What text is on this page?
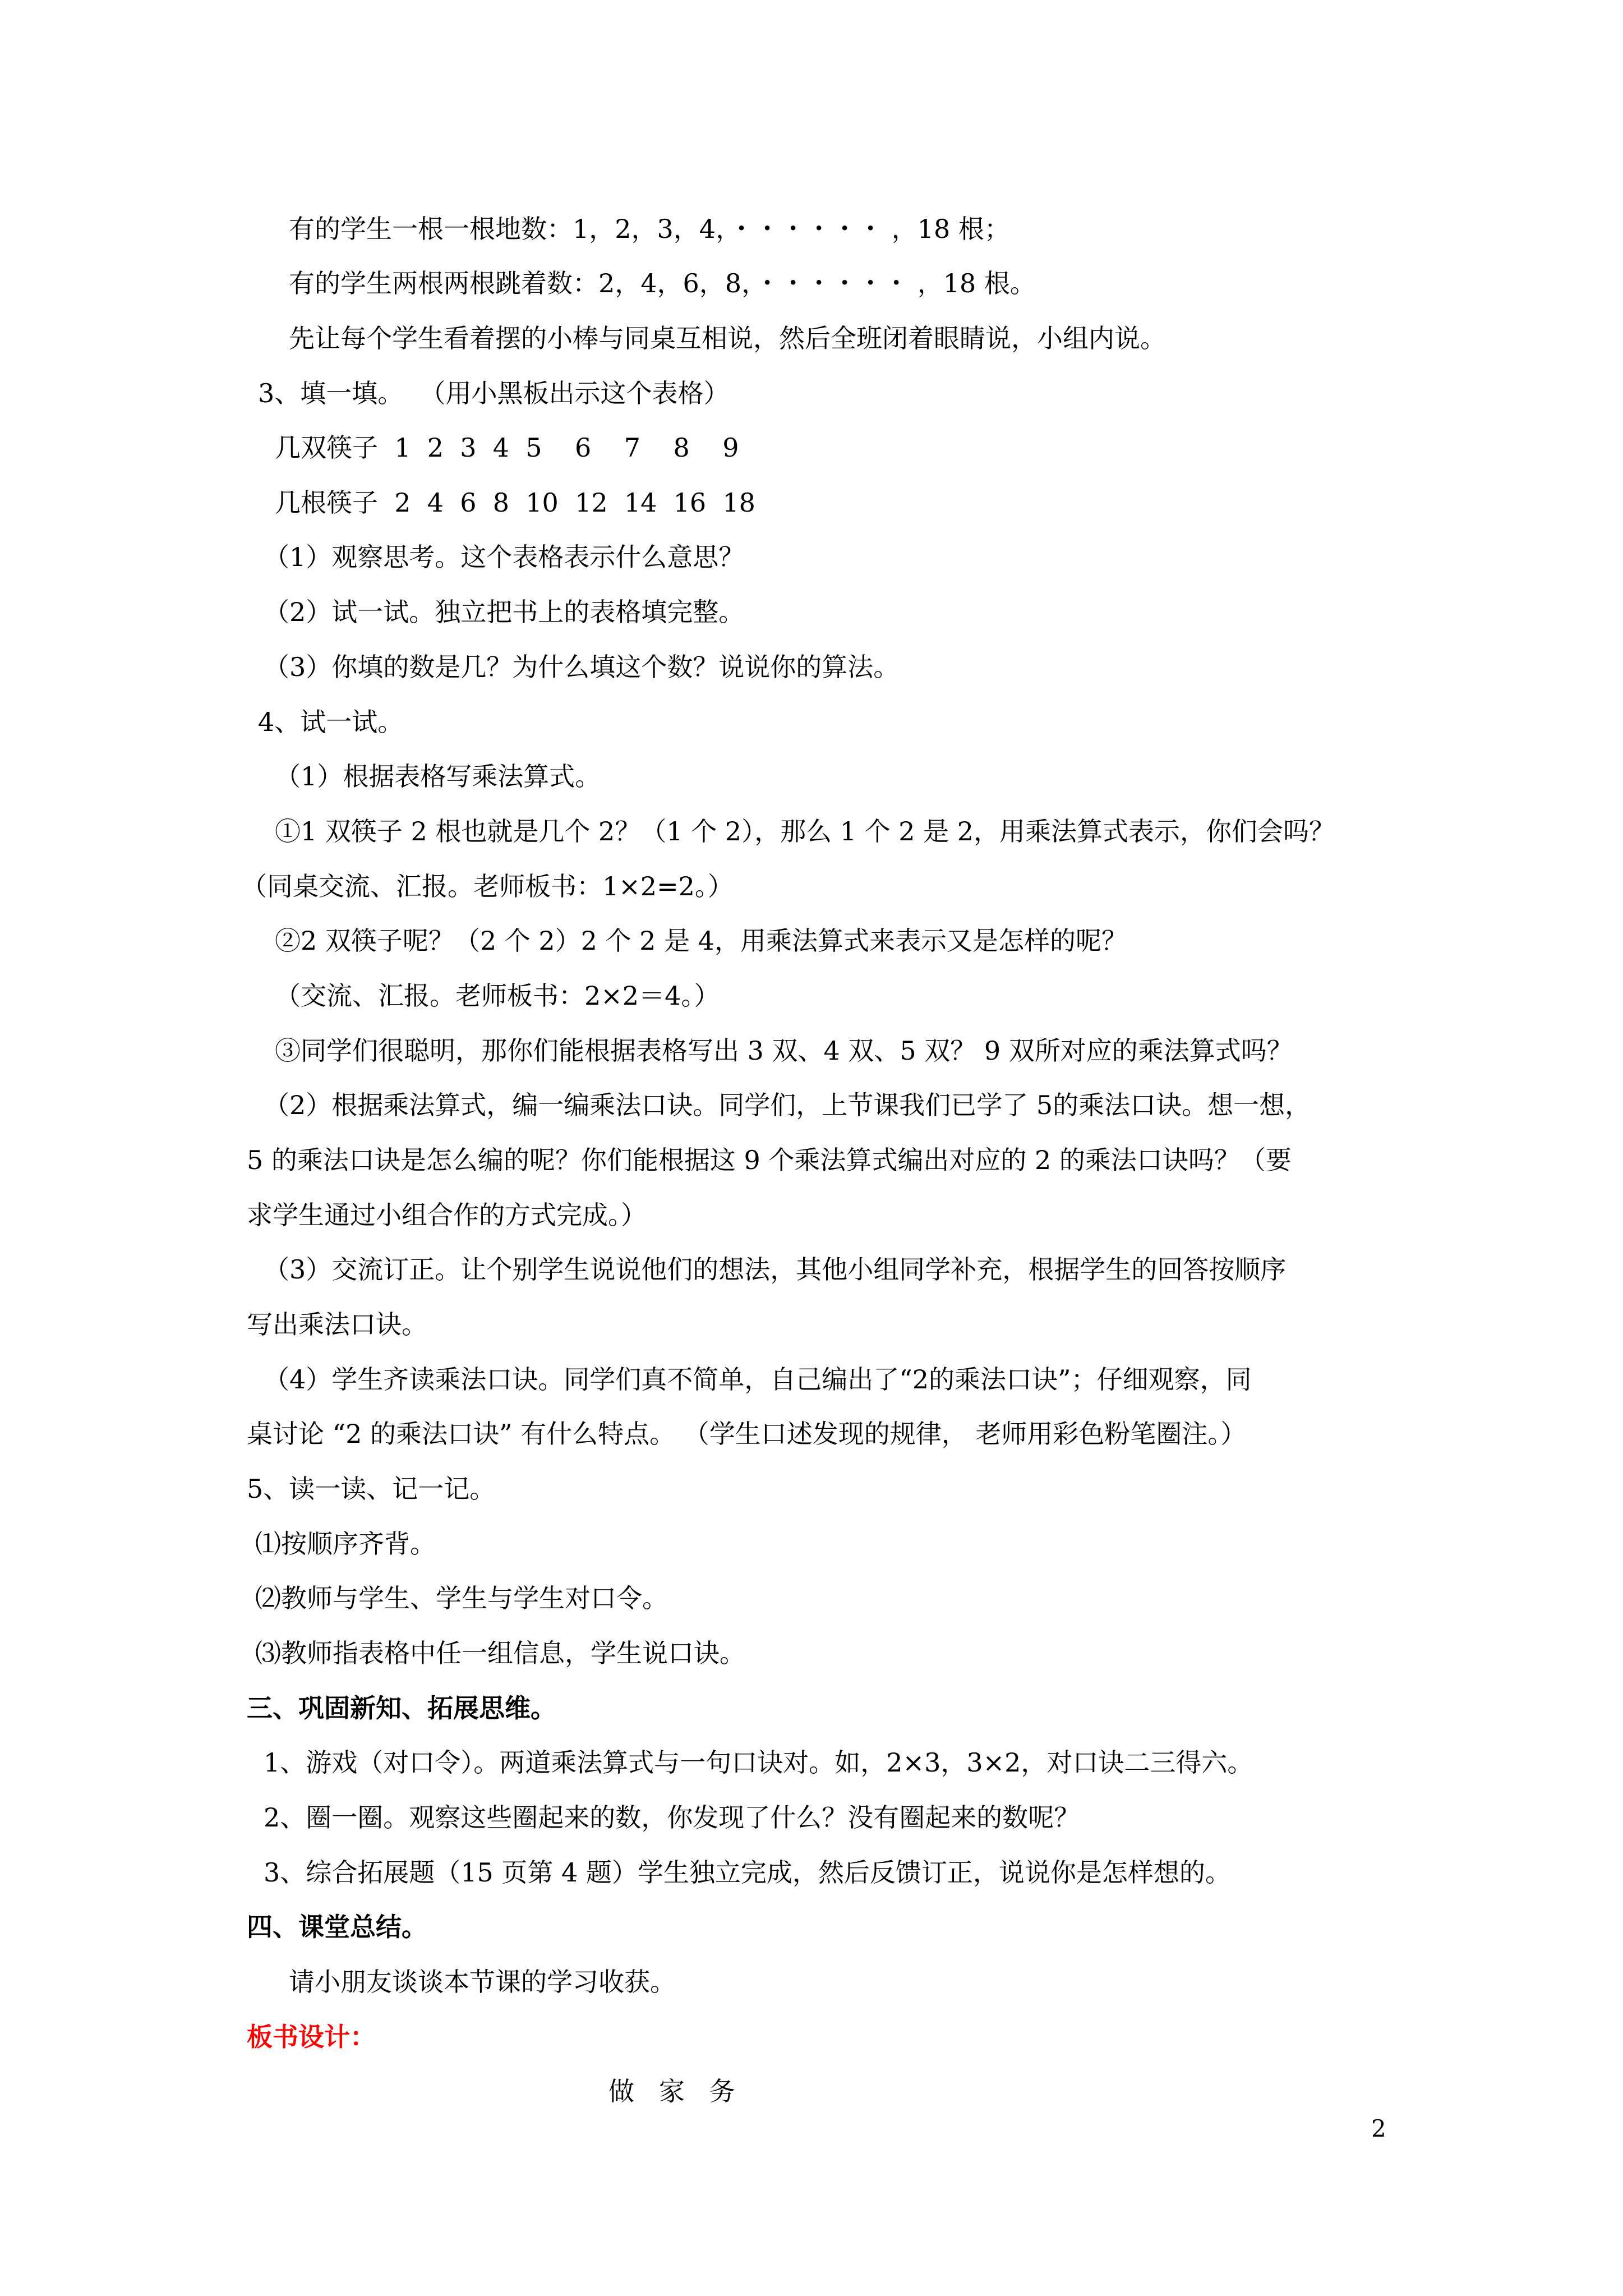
有的学生一根一根地数：1，2，3，4，・・・・・・ ，18 根；
有的学生两根两根跳着数：2，4，6，8，・・・・・・ ，18 根。
先让每个学生看着摆的小棒与同桌互相说，然后全班闭着眼睛说，小组内说。
3、填一填。  （用小黑板出示这个表格）
几双筷子  1  2  3  4  5    6    7    8    9
几根筷子  2  4  6  8  10  12  14  16  18
（1）观察思考。这个表格表示什么意思？
（2）试一试。独立把书上的表格填完整。
（3）你填的数是几？为什么填这个数？说说你的算法。
4、试一试。
（1）根据表格写乘法算式。
①1 双筷子 2 根也就是几个 2？（1 个 2），那么 1 个 2 是 2，用乘法算式表示，你们会吗？
（同桌交流、汇报。老师板书：1×2=2。）
②2 双筷子呢？（2 个 2）2 个 2 是 4，用乘法算式来表示又是怎样的呢？
（交流、汇报。老师板书：2×2＝4。）
③同学们很聪明，那你们能根据表格写出 3 双、4 双、5 双？ 9 双所对应的乘法算式吗？
（2）根据乘法算式，编一编乘法口诀。同学们，上节课我们已学了 5的乘法口诀。想一想，
5 的乘法口诀是怎么编的呢？你们能根据这 9 个乘法算式编出对应的 2 的乘法口诀吗？（要
求学生通过小组合作的方式完成。）
（3）交流订正。让个别学生说说他们的想法，其他小组同学补充，根据学生的回答按顺序
写出乘法口诀。
（4）学生齐读乘法口诀。同学们真不简单，自己编出了“2的乘法口诀”；仔细观察，同
桌讨论 “2 的乘法口诀” 有什么特点。 （学生口述发现的规律， 老师用彩色粉笔圈注。）
5、读一读、记一记。
⑴按顺序齐背。
⑵教师与学生、学生与学生对口令。
⑶教师指表格中任一组信息，学生说口诀。
三、巩固新知、拓展思维。
1、游戏（对口令）。两道乘法算式与一句口诀对。如，2×3，3×2，对口诀二三得六。
2、圈一圈。观察这些圈起来的数，你发现了什么？没有圈起来的数呢？
3、综合拓展题（15 页第 4 题）学生独立完成，然后反馈订正，说说你是怎样想的。
四、课堂总结。
请小朋友谈谈本节课的学习收获。
板书设计：
做   家   务
2
